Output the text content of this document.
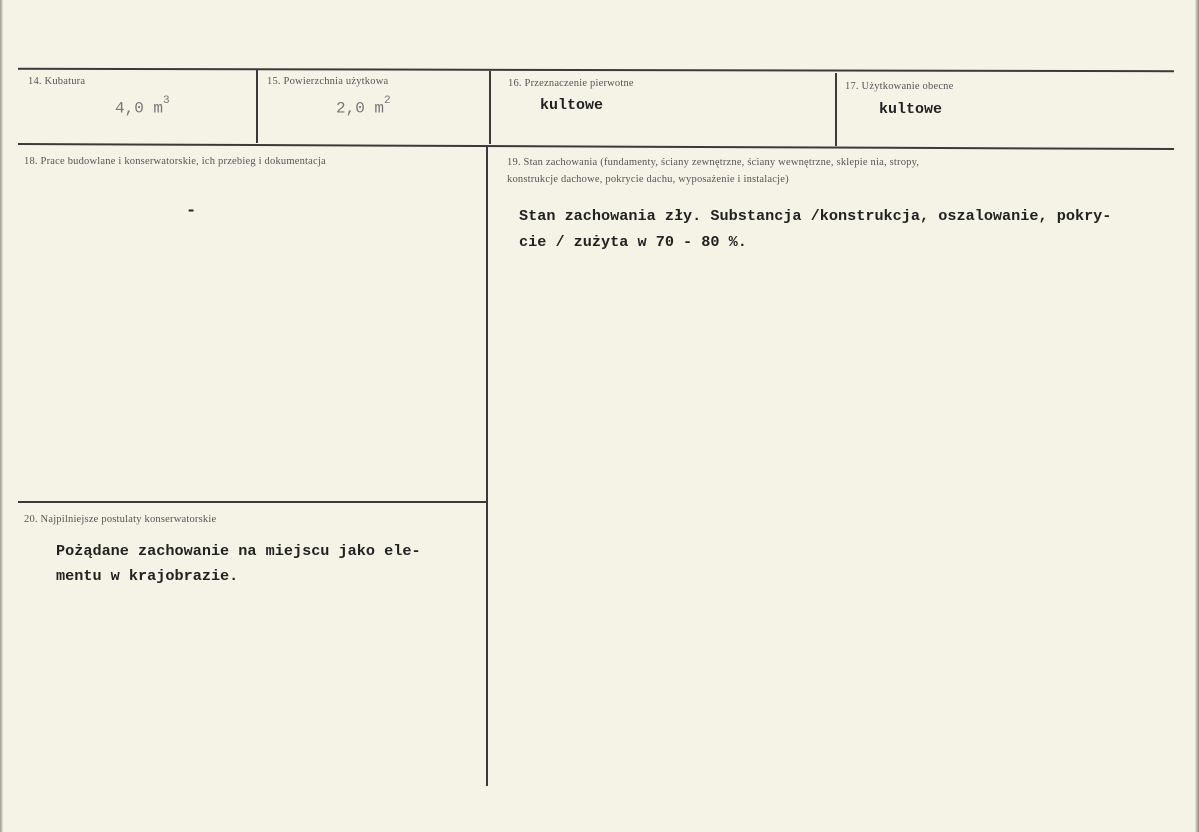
14. Kubatura
4,0 $m^3$
15. Powierzchnia użytkowa
2,0 $m^2$
16. Przeznaczenie pierwotne
kultowe
17. Użytkowanie obecne
kultowe
18. Prace budowlane i konserwatorskie, ich przebieg i dokumentacja
-
19. Stan zachowania (fundamenty, ściany zewnętrzne, ściany wewnętrzne, sklepie nia, stropy,
konstrukcje dachowe, pokrycie dachu, wyposażenie i instalacje)
Stan zachowania zły. Substancja /konstrukcja, oszalowanie, pokry-
cie / zużyta w 70 - 80 %.
20. Najpilniejsze postulaty konserwatorskie
Pożądane zachowanie na miejscu jako ele-
mentu w krajobrazie.
